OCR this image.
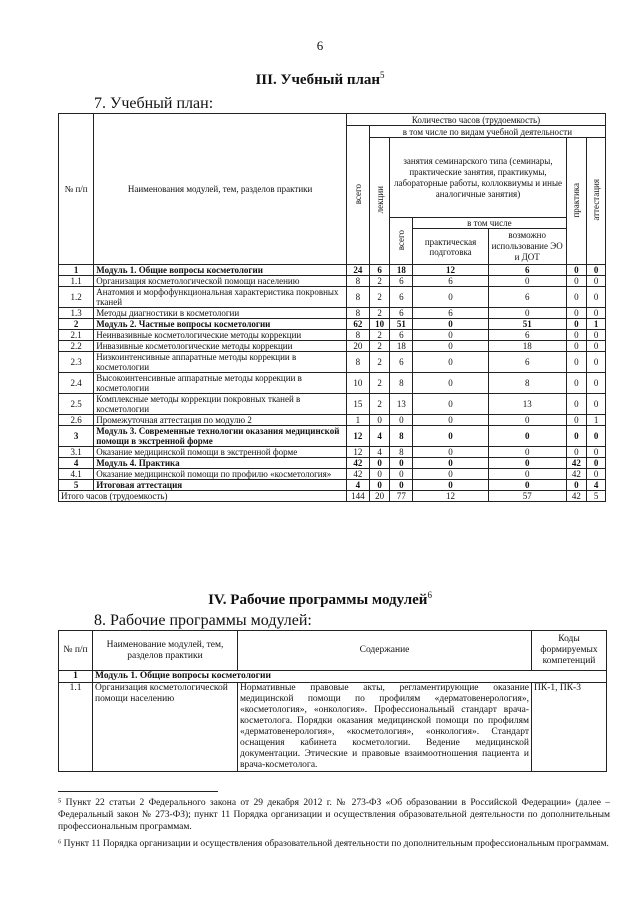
6
III. Учебный план$^5$
7. Учебный план:
№ п/п	Наименования модулей, тем, разделов практики	Количество часов (трудоемкость)						
		всего	в том числе по видам учебной деятельности					
			лекции	занятия семинарского типа (семинары, практические занятия, практикумы, лабораторные работы, коллоквиумы и иные аналогичные занятия)			практика	аттестация
				всего	в том числе			
					практическая подготовка	возможно использование ЭО и ДОТ		
1	Модуль 1. Общие вопросы косметологии	24	6	18	12	6	0	0
1.1	Организация косметологической помощи населению	8	2	6	6	0	0	0
1.2	Анатомия и морфофункциональная характеристика покровных тканей	8	2	6	0	6	0	0
1.3	Методы диагностики в косметологии	8	2	6	6	0	0	0
2	Модуль 2. Частные вопросы косметологии	62	10	51	0	51	0	1
2.1	Неинвазивные косметологические методы коррекции	8	2	6	0	6	0	0
2.2	Инвазивные косметологические методы коррекции	20	2	18	0	18	0	0
2.3	Низкоинтенсивные аппаратные методы коррекции в косметологии	8	2	6	0	6	0	0
2.4	Высокоинтенсивные аппаратные методы коррекции в косметологии	10	2	8	0	8	0	0
2.5	Комплексные методы коррекции покровных тканей в косметологии	15	2	13	0	13	0	0
2.6	Промежуточная аттестация по модулю 2	1	0	0	0	0	0	1
3	Модуль 3. Современные технологии оказания медицинской помощи в экстренной форме	12	4	8	0	0	0	0
3.1	Оказание медицинской помощи в экстренной форме	12	4	8	0	0	0	0
4	Модуль 4. Практика	42	0	0	0	0	42	0
4.1	Оказание медицинской помощи по профилю «косметология»	42	0	0	0	0	42	0
5	Итоговая аттестация	4	0	0	0	0	0	4
Итого часов (трудоемкость)		144	20	77	12	57	42	5
IV. Рабочие программы модулей$^6$
8. Рабочие программы модулей:
№ п/п	Наименование модулей, тем, разделов практики	Содержание	Коды формируемых компетенций
1	Модуль 1. Общие вопросы косметологии		
1.1	Организация косметологической помощи населению	Нормативные правовые акты, регламентирующие оказание медицинской помощи по профилям «дерматовенерология», «косметология», «онкология». Профессиональный стандарт врача-косметолога. Порядки оказания медицинской помощи по профилям «дерматовенерология», «косметология», «онкология». Стандарт оснащения кабинета косметологии. Ведение медицинской документации. Этические и правовые взаимоотношения пациента и врача-косметолога.	ПК-1, ПК-3
⁵ Пункт 22 статьи 2 Федерального закона от 29 декабря 2012 г. № 273-ФЗ «Об образовании в Российской Федерации» (далее – Федеральный закон № 273-ФЗ); пункт 11 Порядка организации и осуществления образовательной деятельности по дополнительным профессиональным программам.
⁶ Пункт 11 Порядка организации и осуществления образовательной деятельности по дополнительным профессиональным программам.
